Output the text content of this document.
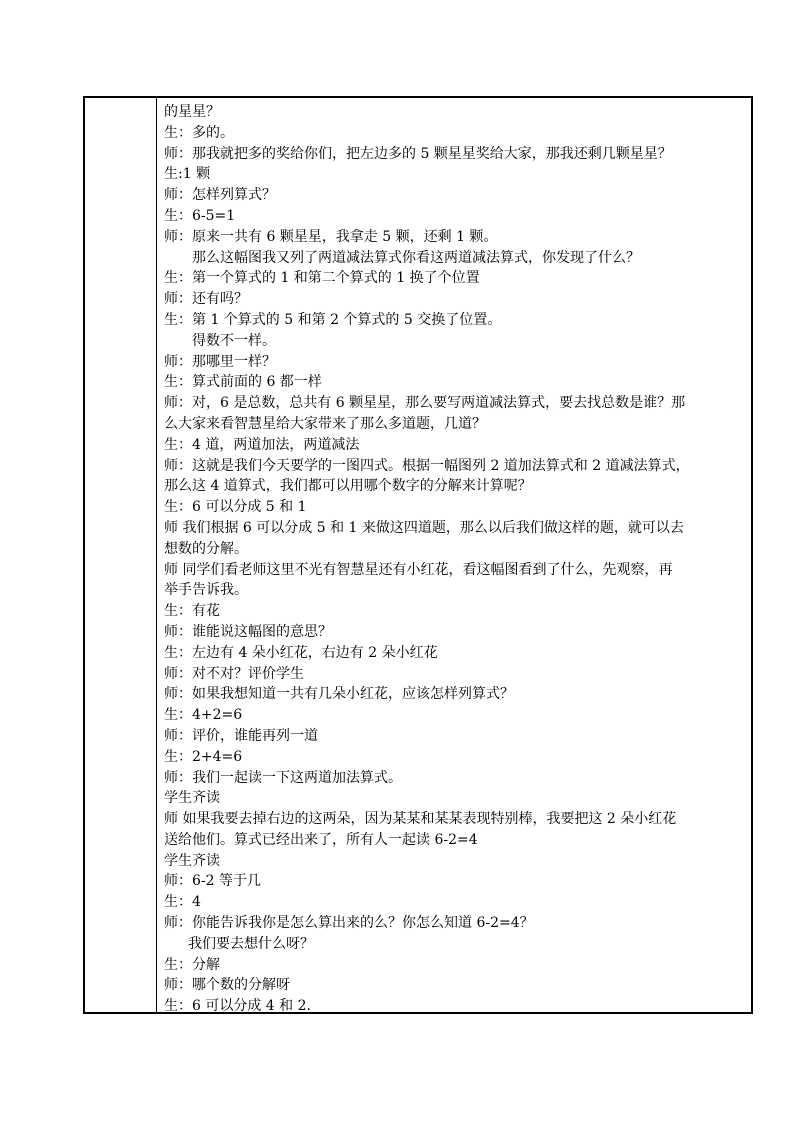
的星星？
生：多的。
师：那我就把多的奖给你们，把左边多的 5 颗星星奖给大家，那我还剩几颗星星？
生:1 颗
师：怎样列算式？
生：6-5=1
师：原来一共有 6 颗星星，我拿走 5 颗，还剩 1 颗。
那么这幅图我又列了两道减法算式你看这两道减法算式，你发现了什么？
生：第一个算式的 1 和第二个算式的 1 换了个位置
师：还有吗？
生：第 1 个算式的 5 和第 2 个算式的 5 交换了位置。
得数不一样。
师：那哪里一样？
生：算式前面的 6 都一样
师：对，6 是总数，总共有 6 颗星星，那么要写两道减法算式，要去找总数是谁？那
么大家来看智慧星给大家带来了那么多道题，几道？
生：4 道，两道加法，两道减法
师：这就是我们今天要学的一图四式。根据一幅图列 2 道加法算式和 2 道减法算式，
那么这 4 道算式，我们都可以用哪个数字的分解来计算呢？
生：6 可以分成 5 和 1
师 我们根据 6 可以分成 5 和 1 来做这四道题，那么以后我们做这样的题，就可以去
想数的分解。
师 同学们看老师这里不光有智慧星还有小红花，看这幅图看到了什么，先观察，再
举手告诉我。
生：有花
师：谁能说这幅图的意思？
生：左边有 4 朵小红花，右边有 2 朵小红花
师：对不对？评价学生
师：如果我想知道一共有几朵小红花，应该怎样列算式？
生：4+2=6
师：评价，谁能再列一道
生：2+4=6
师：我们一起读一下这两道加法算式。
学生齐读
师 如果我要去掉右边的这两朵，因为某某和某某表现特别棒，我要把这 2 朵小红花
送给他们。算式已经出来了，所有人一起读 6-2=4
学生齐读
师：6-2 等于几
生：4
师：你能告诉我你是怎么算出来的么？你怎么知道 6-2=4？
我们要去想什么呀？
生：分解
师：哪个数的分解呀
生：6 可以分成 4 和 2.
